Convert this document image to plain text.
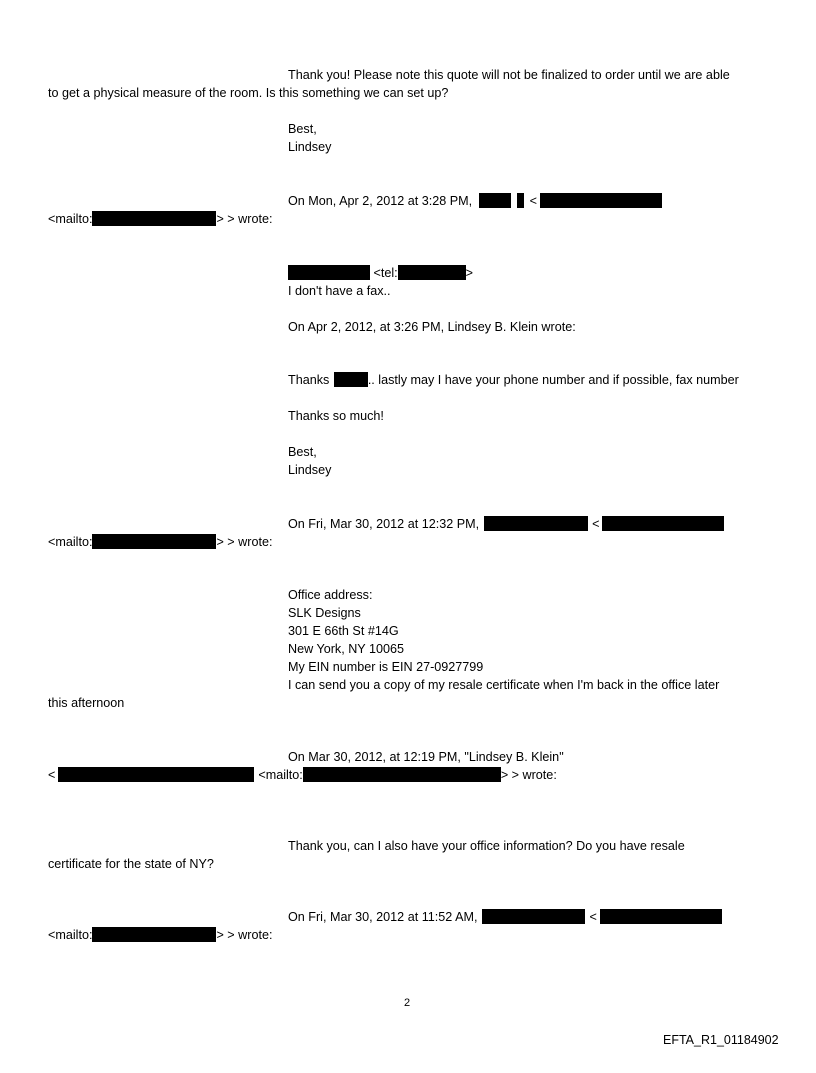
Thank you! Please note this quote will not be finalized to order until we are able
to get a physical measure of the room. Is this something we can set up?
Best,
Lindsey
On Mon, Apr 2, 2012 at 3:28 PM,	<
<mailto:	> > wrote:
<tel:	>
I don't have a fax..
On Apr 2, 2012, at 3:26 PM, Lindsey B. Klein wrote:
Thanks	.. lastly may I have your phone number and if possible, fax number
Thanks so much!
Best,
Lindsey
On Fri, Mar 30, 2012 at 12:32 PM,	<
<mailto:	> > wrote:
Office address:
SLK Designs
301 E 66th St #14G
New York, NY 10065
My EIN number is EIN 27-0927799
I can send you a copy of my resale certificate when I'm back in the office later
this afternoon
On Mar 30, 2012, at 12:19 PM, "Lindsey B. Klein"
<	<mailto:	> > wrote:
Thank you, can I also have your office information? Do you have resale
certificate for the state of NY?
On Fri, Mar 30, 2012 at 11:52 AM,	<
<mailto:	> > wrote:
2
EFTA_R1_01184902
